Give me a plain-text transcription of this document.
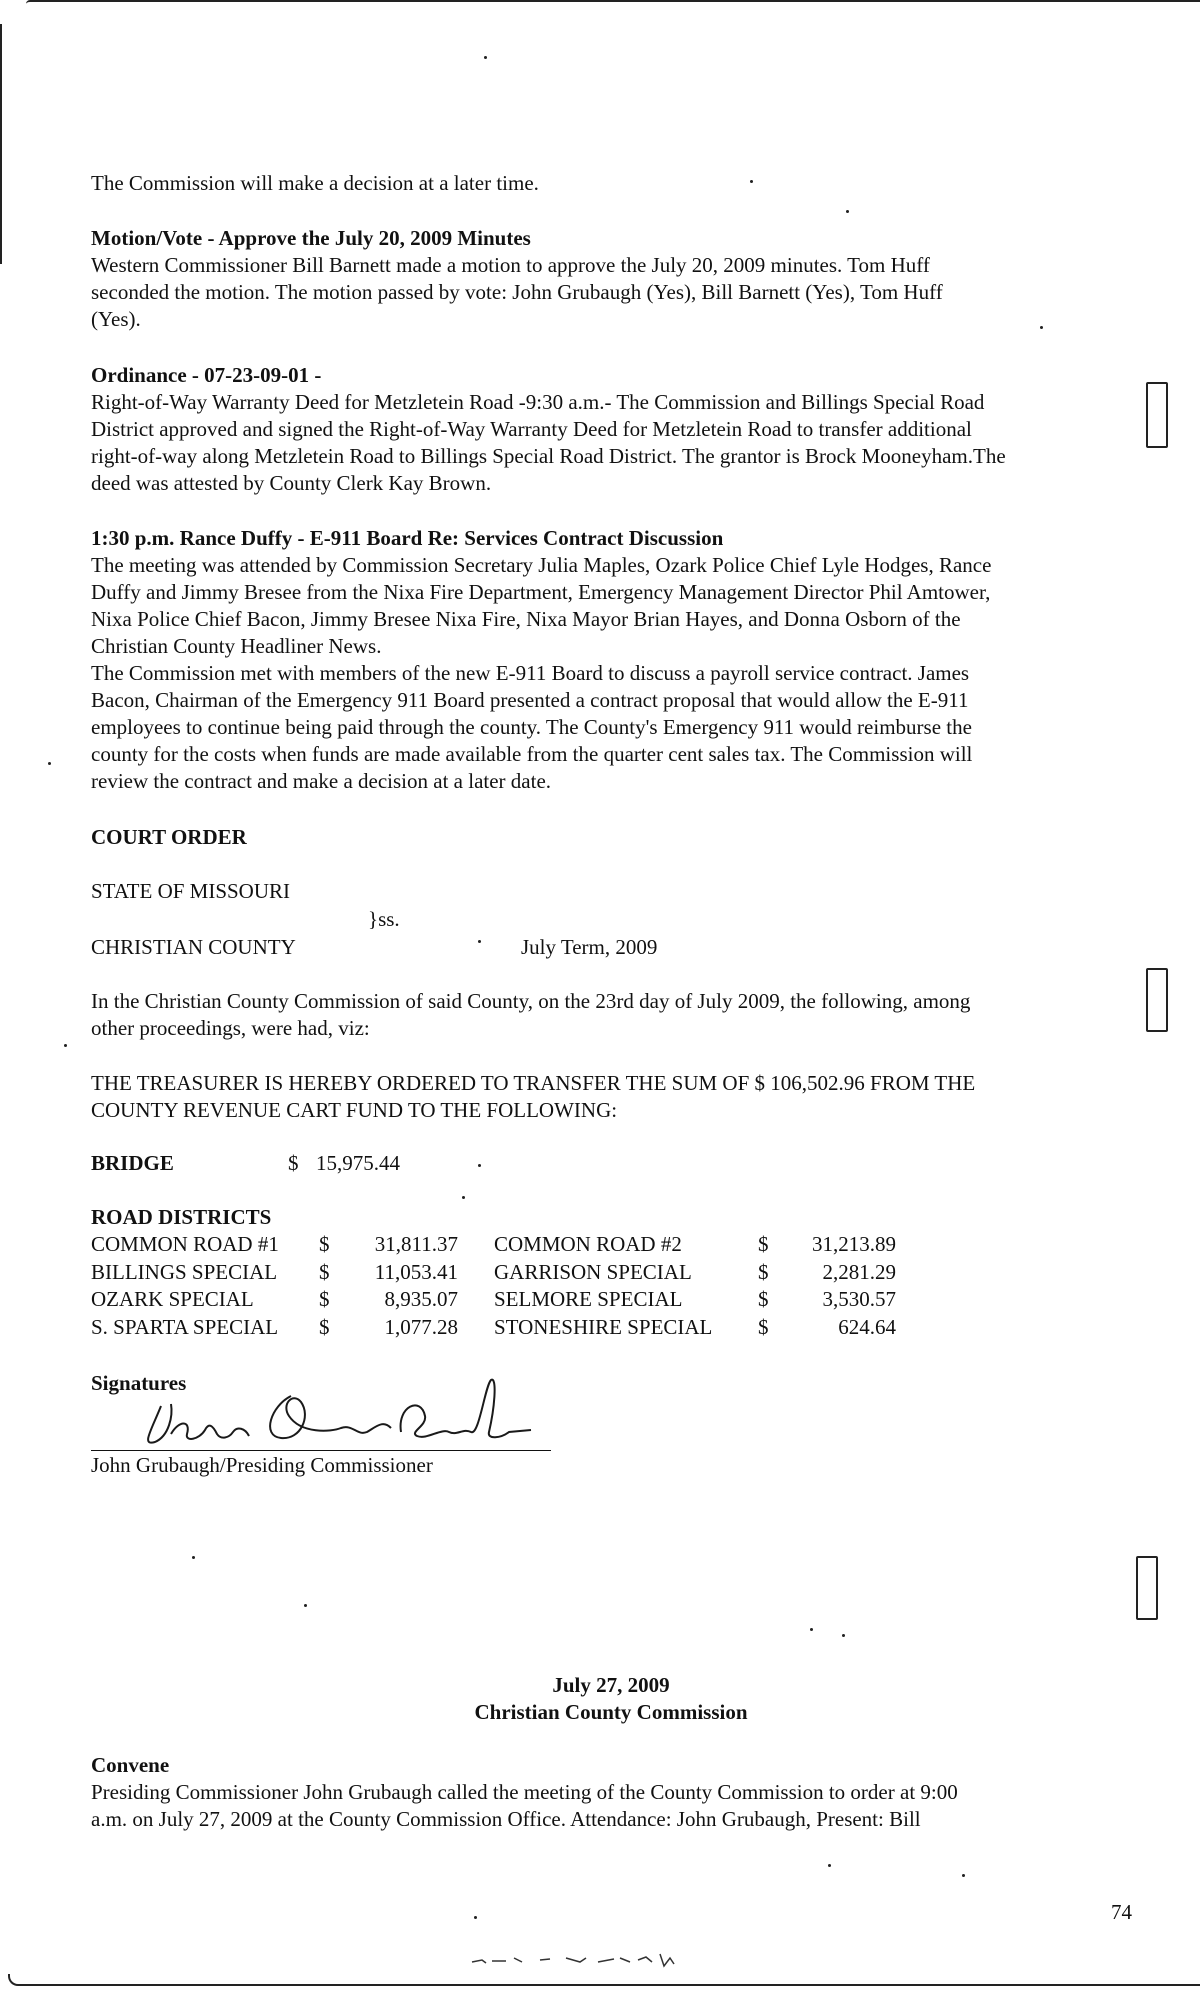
The Commission will make a decision at a later time.

Motion/Vote - Approve the July 20, 2009 Minutes

Western Commissioner Bill Barnett made a motion to approve the July 20, 2009 minutes. Tom Huff

seconded the motion. The motion passed by vote: John Grubaugh (Yes), Bill Barnett (Yes), Tom Huff

(Yes).

Ordinance - 07-23-09-01 -

Right-of-Way Warranty Deed for Metzletein Road -9:30 a.m.- The Commission and Billings Special Road

District approved and signed the Right-of-Way Warranty Deed for Metzletein Road to transfer additional

right-of-way along Metzletein Road to Billings Special Road District. The grantor is Brock Mooneyham.The

deed was attested by County Clerk Kay Brown.

1:30 p.m. Rance Duffy - E-911 Board Re: Services Contract Discussion

The meeting was attended by Commission Secretary Julia Maples, Ozark Police Chief Lyle Hodges, Rance

Duffy and Jimmy Bresee from the Nixa Fire Department, Emergency Management Director Phil Amtower,

Nixa Police Chief Bacon, Jimmy Bresee Nixa Fire, Nixa Mayor Brian Hayes, and Donna Osborn of the

Christian County Headliner News.

The Commission met with members of the new E-911 Board to discuss a payroll service contract. James

Bacon, Chairman of the Emergency 911 Board presented a contract proposal that would allow the E-911

employees to continue being paid through the county. The County's Emergency 911 would reimburse the

county for the costs when funds are made available from the quarter cent sales tax. The Commission will

review the contract and make a decision at a later date.

COURT ORDER

STATE OF MISSOURI
}ss.
CHRISTIAN COUNTY	July Term, 2009

In the Christian County Commission of said County, on the 23rd day of July 2009, the following, among

other proceedings, were had, viz:

THE TREASURER IS HEREBY ORDERED TO TRANSFER THE SUM OF $ 106,502.96 FROM THE

COUNTY REVENUE CART FUND TO THE FOLLOWING:

BRIDGE	$ 15,975.44
ROAD DISTRICTS
COMMON ROAD #1	$	31,811.37		COMMON ROAD #2	$	31,213.89
BILLINGS SPECIAL	$	11,053.41		GARRISON SPECIAL	$	2,281.29
OZARK SPECIAL	$	8,935.07		SELMORE SPECIAL	$	3,530.57
S. SPARTA SPECIAL	$	1,077.28		STONESHIRE SPECIAL	$	624.64
Signatures
John Grubaugh/Presiding Commissioner

July 27, 2009

Christian County Commission

Convene

Presiding Commissioner John Grubaugh called the meeting of the County Commission to order at 9:00

a.m. on July 27, 2009 at the County Commission Office. Attendance: John Grubaugh, Present: Bill

74
